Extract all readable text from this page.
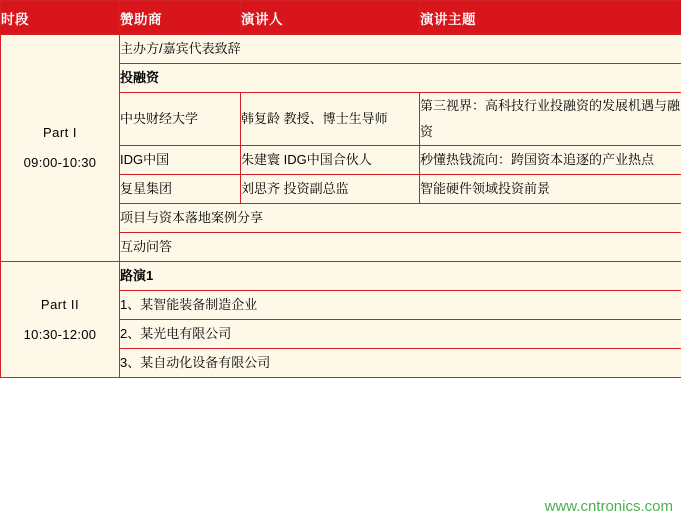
时段	赞助商	演讲人	演讲主题

Part I
09:00-10:30	主办方/嘉宾代表致辞		
	投融资		
	中央财经大学	韩复龄 教授、博士生导师	第三视界：高科技行业投融资的发展机遇与融资
	IDG中国	朱建寰 IDG中国合伙人	秒懂热钱流向：跨国资本追逐的产业热点
	复星集团	刘思齐 投资副总监	智能硬件领域投资前景
	项目与资本落地案例分享		
	互动问答		

Part II
10:30-12:00	路演1		
	1、某智能装备制造企业		
	2、某光电有限公司		
	3、某自动化设备有限公司		
www.cntronics.com
